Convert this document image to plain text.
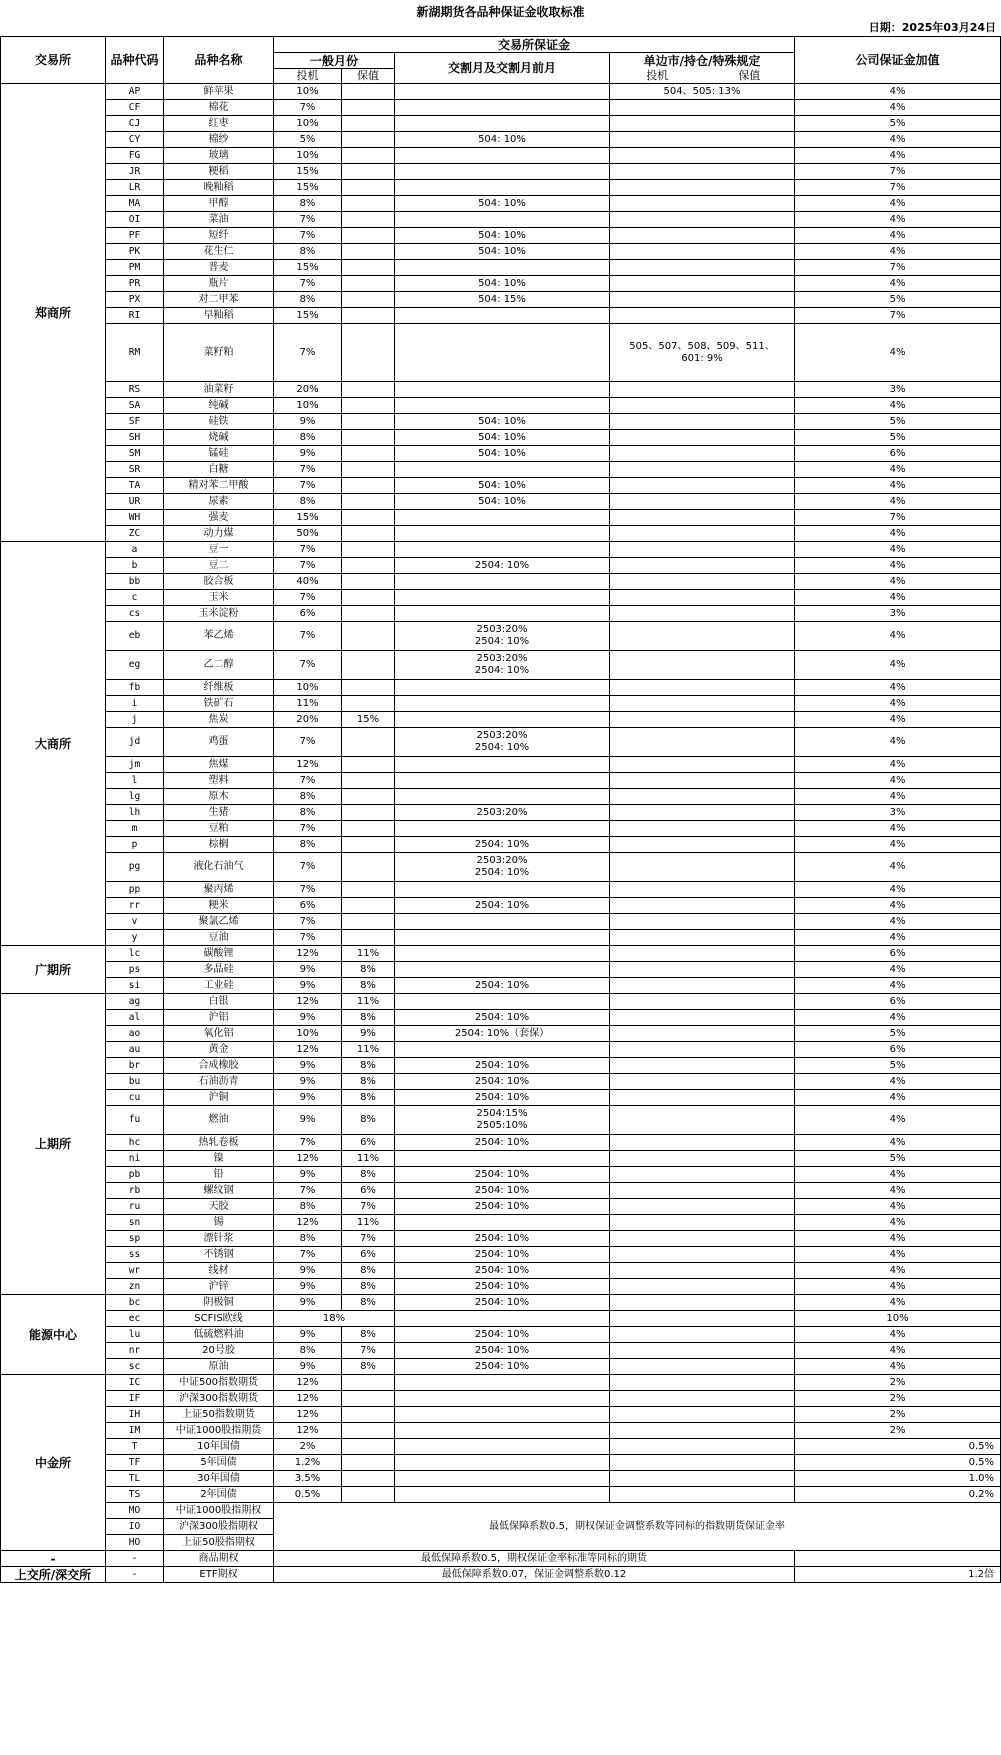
新湖期货各品种保证金收取标准
日期：2025年03月24日
交易所	品种代码	品种名称	交易所保证金					公司保证金加值
			一般月份		交割月及交割月前月	单边市/持仓/特殊规定		
			投机	保值		投机	保值	
郑商所	AP	鲜苹果	10%			504、505: 13%		4%
	CF	棉花	7%					4%
	CJ	红枣	10%					5%
	CY	棉纱	5%		504: 10%			4%
	FG	玻璃	10%					4%
	JR	粳稻	15%					7%
	LR	晚籼稻	15%					7%
	MA	甲醇	8%		504: 10%			4%
	OI	菜油	7%					4%
	PF	短纤	7%		504: 10%			4%
	PK	花生仁	8%		504: 10%			4%
	PM	普麦	15%					7%
	PR	瓶片	7%		504: 10%			4%
	PX	对二甲苯	8%		504: 15%			5%
	RI	早籼稻	15%					7%
	RM	菜籽粕	7%			505、507、508、509、511、
601: 9%		4%
	RS	油菜籽	20%					3%
	SA	纯碱	10%					4%
	SF	硅铁	9%		504: 10%			5%
	SH	烧碱	8%		504: 10%			5%
	SM	锰硅	9%		504: 10%			6%
	SR	白糖	7%					4%
	TA	精对苯二甲酸	7%		504: 10%			4%
	UR	尿素	8%		504: 10%			4%
	WH	强麦	15%					7%
	ZC	动力煤	50%					4%
大商所	a	豆一	7%					4%
	b	豆二	7%		2504: 10%			4%
	bb	胶合板	40%					4%
	c	玉米	7%					4%
	cs	玉米淀粉	6%					3%
	eb	苯乙烯	7%		2503:20%
2504: 10%			4%
	eg	乙二醇	7%		2503:20%
2504: 10%			4%
	fb	纤维板	10%					4%
	i	铁矿石	11%					4%
	j	焦炭	20%	15%				4%
	jd	鸡蛋	7%		2503:20%
2504: 10%			4%
	jm	焦煤	12%					4%
	l	塑料	7%					4%
	lg	原木	8%					4%
	lh	生猪	8%		2503:20%			3%
	m	豆粕	7%					4%
	p	棕榈	8%		2504: 10%			4%
	pg	液化石油气	7%		2503:20%
2504: 10%			4%
	pp	聚丙烯	7%					4%
	rr	粳米	6%		2504: 10%			4%
	v	聚氯乙烯	7%					4%
	y	豆油	7%					4%
广期所	lc	碳酸锂	12%	11%				6%
	ps	多晶硅	9%	8%				4%
	si	工业硅	9%	8%	2504: 10%			4%
上期所	ag	白银	12%	11%				6%
	al	沪铝	9%	8%	2504: 10%			4%
	ao	氧化铝	10%	9%	2504: 10%（套保）			5%
	au	黄金	12%	11%				6%
	br	合成橡胶	9%	8%	2504: 10%			5%
	bu	石油沥青	9%	8%	2504: 10%			4%
	cu	沪铜	9%	8%	2504: 10%			4%
	fu	燃油	9%	8%	2504:15%
2505:10%			4%
	hc	热轧卷板	7%	6%	2504: 10%			4%
	ni	镍	12%	11%				5%
	pb	铅	9%	8%	2504: 10%			4%
	rb	螺纹钢	7%	6%	2504: 10%			4%
	ru	天胶	8%	7%	2504: 10%			4%
	sn	锡	12%	11%				4%
	sp	漂针浆	8%	7%	2504: 10%			4%
	ss	不锈钢	7%	6%	2504: 10%			4%
	wr	线材	9%	8%	2504: 10%			4%
	zn	沪锌	9%	8%	2504: 10%			4%
能源中心	bc	阴极铜	9%	8%	2504: 10%			4%
	ec	SCFIS欧线	18%					10%
	lu	低硫燃料油	9%	8%	2504: 10%			4%
	nr	20号胶	8%	7%	2504: 10%			4%
	sc	原油	9%	8%	2504: 10%			4%
中金所	IC	中证500指数期货	12%					2%
	IF	沪深300指数期货	12%					2%
	IH	上证50指数期货	12%					2%
	IM	中证1000股指期货	12%					2%
	T	10年国债	2%					0.5%
	TF	5年国债	1.2%					0.5%
	TL	30年国债	3.5%					1.0%
	TS	2年国债	0.5%					0.2%
	MO	中证1000股指期权	最低保障系数0.5，期权保证金调整系数等同标的指数期货保证金率					
	IO	沪深300股指期权						
	HO	上证50股指期权						
-	-	商品期权	最低保障系数0.5，期权保证金率标准等同标的期货					
上交所/深交所	-	ETF期权	最低保障系数0.07，保证金调整系数0.12					1.2倍
